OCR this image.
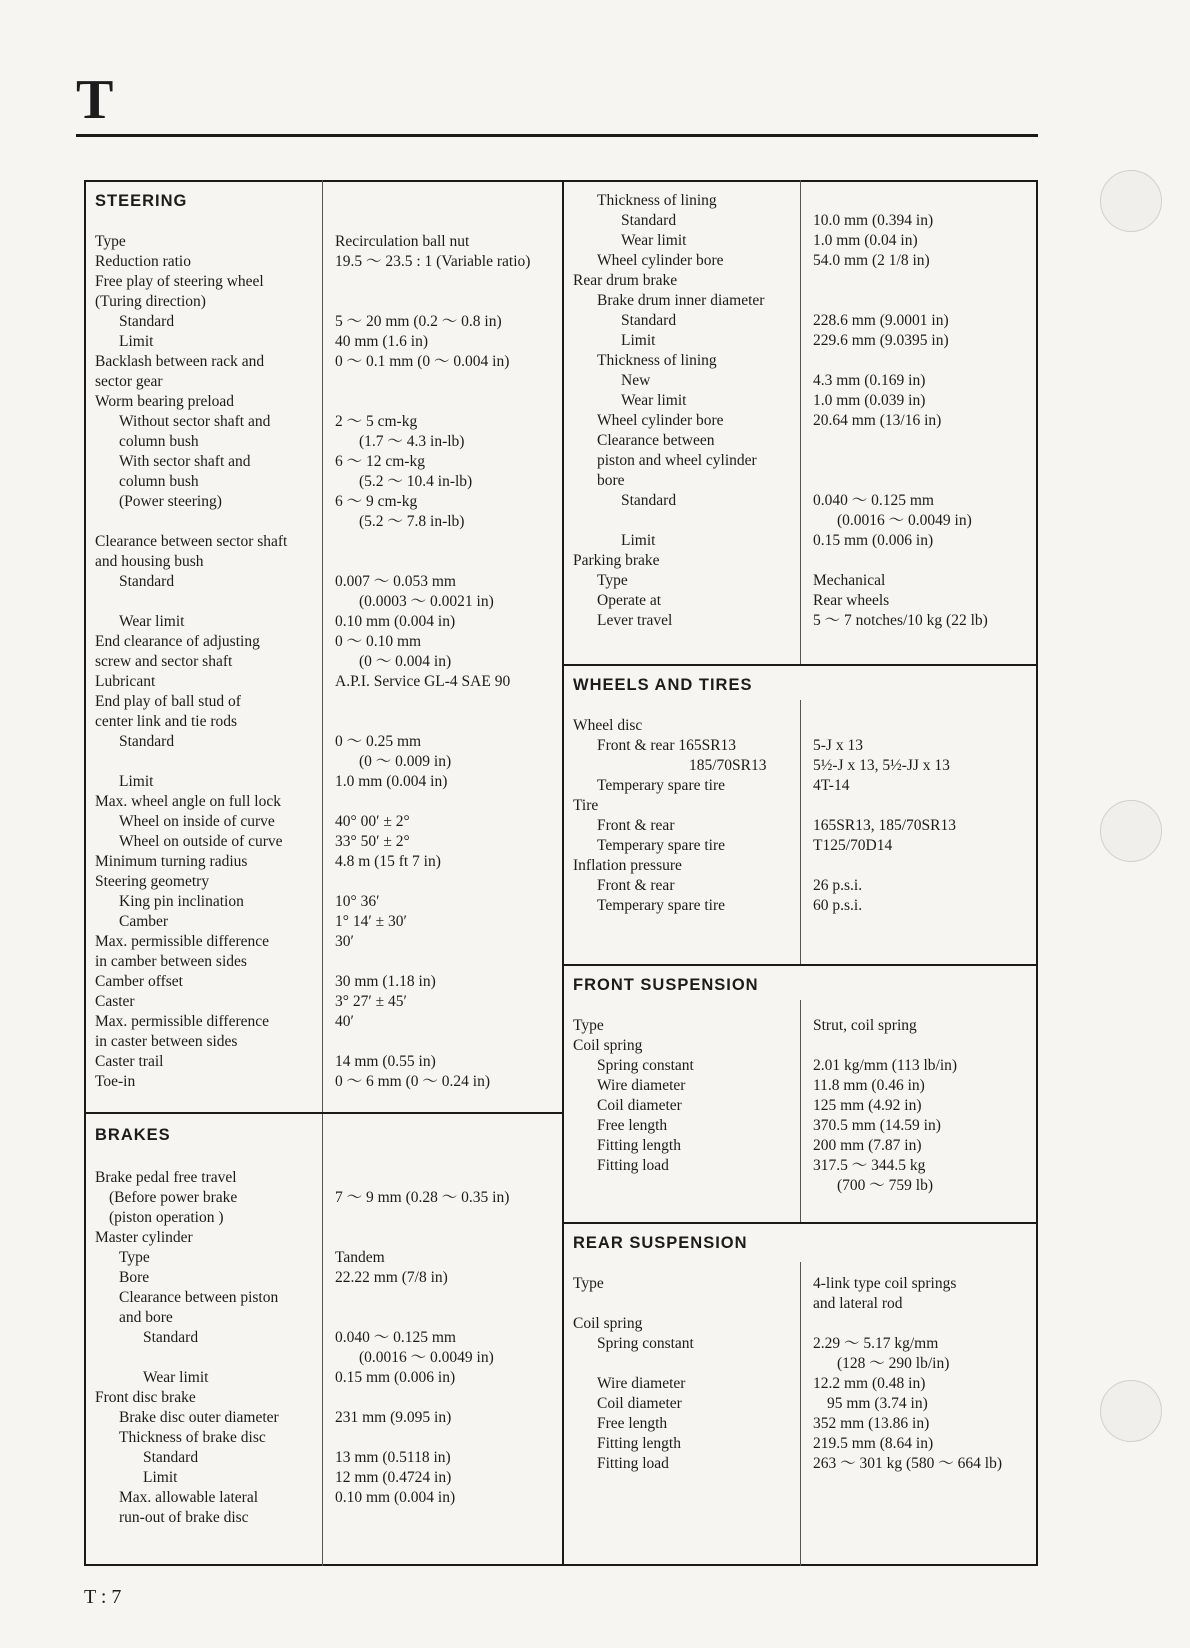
T
STEERING
Type	Recirculation ball nut
Reduction ratio	19.5 ～ 23.5 : 1 (Variable ratio)
Free play of steering wheel
(Turing direction)
Standard	5 ～ 20 mm (0.2 ～ 0.8 in)
Limit	40 mm (1.6 in)
Backlash between rack and	0 ～ 0.1 mm (0 ～ 0.004 in)
sector gear
Worm bearing preload
Without sector shaft and	2 ～ 5 cm-kg
column bush	(1.7 ～ 4.3 in-lb)
With sector shaft and	6 ～ 12 cm-kg
column bush	(5.2 ～ 10.4 in-lb)
(Power steering)	6 ～ 9 cm-kg
(5.2 ～ 7.8 in-lb)
Clearance between sector shaft
and housing bush
Standard	0.007 ～ 0.053 mm
(0.0003 ～ 0.0021 in)
Wear limit	0.10 mm (0.004 in)
End clearance of adjusting	0 ～ 0.10 mm
screw and sector shaft	(0 ～ 0.004 in)
Lubricant	A.P.I. Service GL-4 SAE 90
End play of ball stud of
center link and tie rods
Standard	0 ～ 0.25 mm
(0 ～ 0.009 in)
Limit	1.0 mm (0.004 in)
Max. wheel angle on full lock
Wheel on inside of curve	40° 00′ ± 2°
Wheel on outside of curve	33° 50′ ± 2°
Minimum turning radius	4.8 m (15 ft 7 in)
Steering geometry
King pin inclination	10° 36′
Camber	1° 14′ ± 30′
Max. permissible difference	30′
in camber between sides
Camber offset	30 mm (1.18 in)
Caster	3° 27′ ± 45′
Max. permissible difference	40′
in caster between sides
Caster trail	14 mm (0.55 in)
Toe-in	0 ～ 6 mm (0 ～ 0.24 in)
BRAKES
Brake pedal free travel
(Before power brake	7 ～ 9 mm (0.28 ～ 0.35 in)
(piston operation )
Master cylinder
Type	Tandem
Bore	22.22 mm (7/8 in)
Clearance between piston
and bore
Standard	0.040 ～ 0.125 mm
(0.0016 ～ 0.0049 in)
Wear limit	0.15 mm (0.006 in)
Front disc brake
Brake disc outer diameter	231 mm (9.095 in)
Thickness of brake disc
Standard	13 mm (0.5118 in)
Limit	12 mm (0.4724 in)
Max. allowable lateral	0.10 mm (0.004 in)
run-out of brake disc
Thickness of lining
Standard	10.0 mm (0.394 in)
Wear limit	1.0 mm (0.04 in)
Wheel cylinder bore	54.0 mm (2 1/8 in)
Rear drum brake
Brake drum inner diameter
Standard	228.6 mm (9.0001 in)
Limit	229.6 mm (9.0395 in)
Thickness of lining
New	4.3 mm (0.169 in)
Wear limit	1.0 mm (0.039 in)
Wheel cylinder bore	20.64 mm (13/16 in)
Clearance between
piston and wheel cylinder
bore
Standard	0.040 ～ 0.125 mm
(0.0016 ～ 0.0049 in)
Limit	0.15 mm (0.006 in)
Parking brake
Type	Mechanical
Operate at	Rear wheels
Lever travel	5 ～ 7 notches/10 kg (22 lb)
WHEELS AND TIRES
Wheel disc
Front & rear 165SR13	5-J x 13
185/70SR13	5½-J x 13, 5½-JJ x 13
Temperary spare tire	4T-14
Tire
Front & rear	165SR13, 185/70SR13
Temperary spare tire	T125/70D14
Inflation pressure
Front & rear	26 p.s.i.
Temperary spare tire	60 p.s.i.
FRONT SUSPENSION
Type	Strut, coil spring
Coil spring
Spring constant	2.01 kg/mm (113 lb/in)
Wire diameter	11.8 mm (0.46 in)
Coil diameter	125 mm (4.92 in)
Free length	370.5 mm (14.59 in)
Fitting length	200 mm (7.87 in)
Fitting load	317.5 ～ 344.5 kg
(700 ～ 759 lb)
REAR SUSPENSION
Type	4-link type coil springs
and lateral rod
Coil spring
Spring constant	2.29 ～ 5.17 kg/mm
(128 ～ 290 lb/in)
Wire diameter	12.2 mm (0.48 in)
Coil diameter	95 mm (3.74 in)
Free length	352 mm (13.86 in)
Fitting length	219.5 mm (8.64 in)
Fitting load	263 ～ 301 kg (580 ～ 664 lb)
T : 7
